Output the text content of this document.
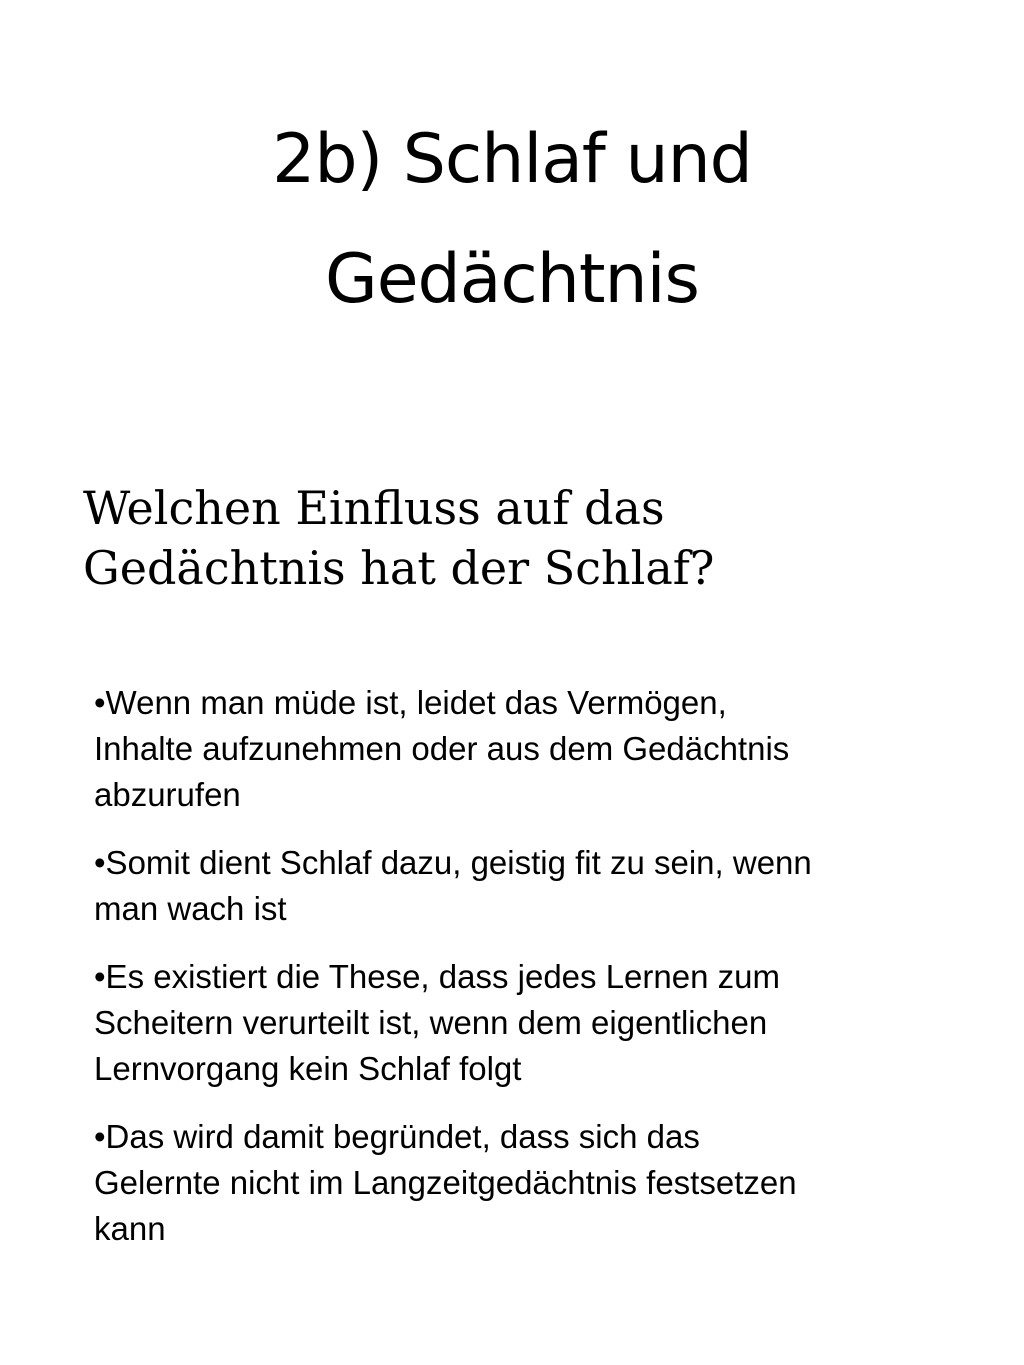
2b) Schlaf und
Gedächtnis
Welchen Einfluss auf das
Gedächtnis hat der Schlaf?
•Wenn man müde ist, leidet das Vermögen,
Inhalte aufzunehmen oder aus dem Gedächtnis
abzurufen
•Somit dient Schlaf dazu, geistig fit zu sein, wenn
man wach ist
•Es existiert die These, dass jedes Lernen zum
Scheitern verurteilt ist, wenn dem eigentlichen
Lernvorgang kein Schlaf folgt
•Das wird damit begründet, dass sich das
Gelernte nicht im Langzeitgedächtnis festsetzen
kann
